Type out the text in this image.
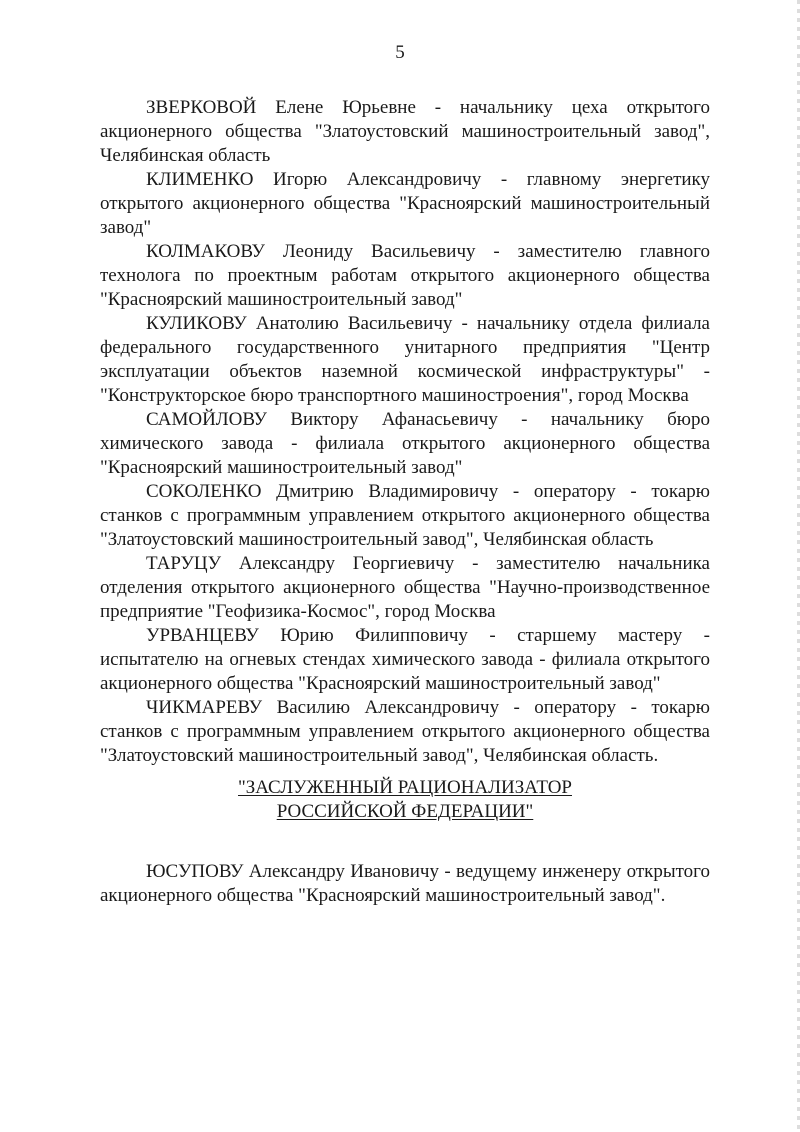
5

ЗВЕРКОВОЙ Елене Юрьевне - начальнику цеха открытого акционерного общества "Златоустовский машиностроительный завод", Челябинская область

КЛИМЕНКО Игорю Александровичу - главному энергетику открытого акционерного общества "Красноярский машиностроительный завод"

КОЛМАКОВУ Леониду Васильевичу - заместителю главного технолога по проектным работам открытого акционерного общества "Красноярский машиностроительный завод"

КУЛИКОВУ Анатолию Васильевичу - начальнику отдела филиала федерального государственного унитарного предприятия "Центр эксплуатации объектов наземной космической инфраструктуры" - "Конструкторское бюро транспортного машиностроения", город Москва

САМОЙЛОВУ Виктору Афанасьевичу - начальнику бюро химического завода - филиала открытого акционерного общества "Красноярский машиностроительный завод"

СОКОЛЕНКО Дмитрию Владимировичу - оператору - токарю станков с программным управлением открытого акционерного общества "Златоустовский машиностроительный завод", Челябинская область

ТАРУЦУ Александру Георгиевичу - заместителю начальника отделения открытого акционерного общества "Научно-производственное предприятие "Геофизика-Космос", город Москва

УРВАНЦЕВУ Юрию Филипповичу - старшему мастеру - испытателю на огневых стендах химического завода - филиала открытого акционерного общества "Красноярский машиностроительный завод"

ЧИКМАРЕВУ Василию Александровичу - оператору - токарю станков с программным управлением открытого акционерного общества "Златоустовский машиностроительный завод", Челябинская область.

"ЗАСЛУЖЕННЫЙ РАЦИОНАЛИЗАТОР

РОССИЙСКОЙ ФЕДЕРАЦИИ"

ЮСУПОВУ Александру Ивановичу - ведущему инженеру открытого акционерного общества "Красноярский машиностроительный завод".
